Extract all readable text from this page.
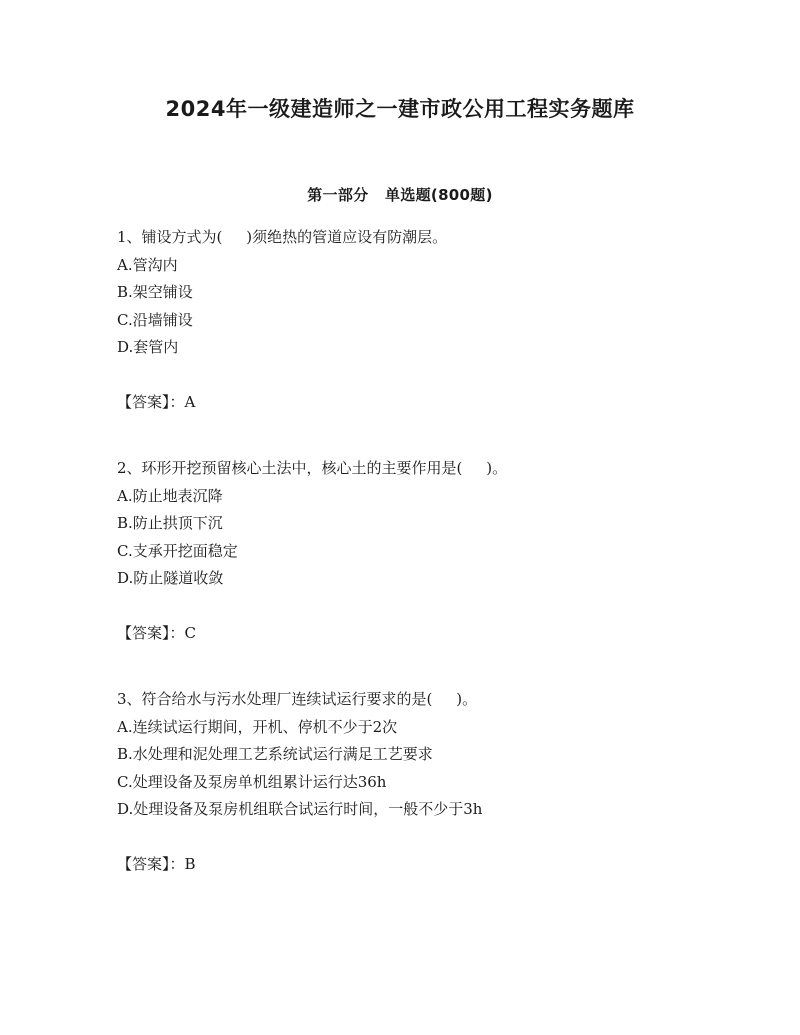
2024年一级建造师之一建市政公用工程实务题库
第一部分   单选题(800题)
1、铺设方式为(     )须绝热的管道应设有防潮层。
A.管沟内
B.架空铺设
C.沿墙铺设
D.套管内
【答案】：A
2、环形开挖预留核心土法中，核心土的主要作用是(     )。
A.防止地表沉降
B.防止拱顶下沉
C.支承开挖面稳定
D.防止隧道收敛
【答案】：C
3、符合给水与污水处理厂连续试运行要求的是(     )。
A.连续试运行期间，开机、停机不少于2次
B.水处理和泥处理工艺系统试运行满足工艺要求
C.处理设备及泵房单机组累计运行达36h
D.处理设备及泵房机组联合试运行时间，一般不少于3h
【答案】：B
